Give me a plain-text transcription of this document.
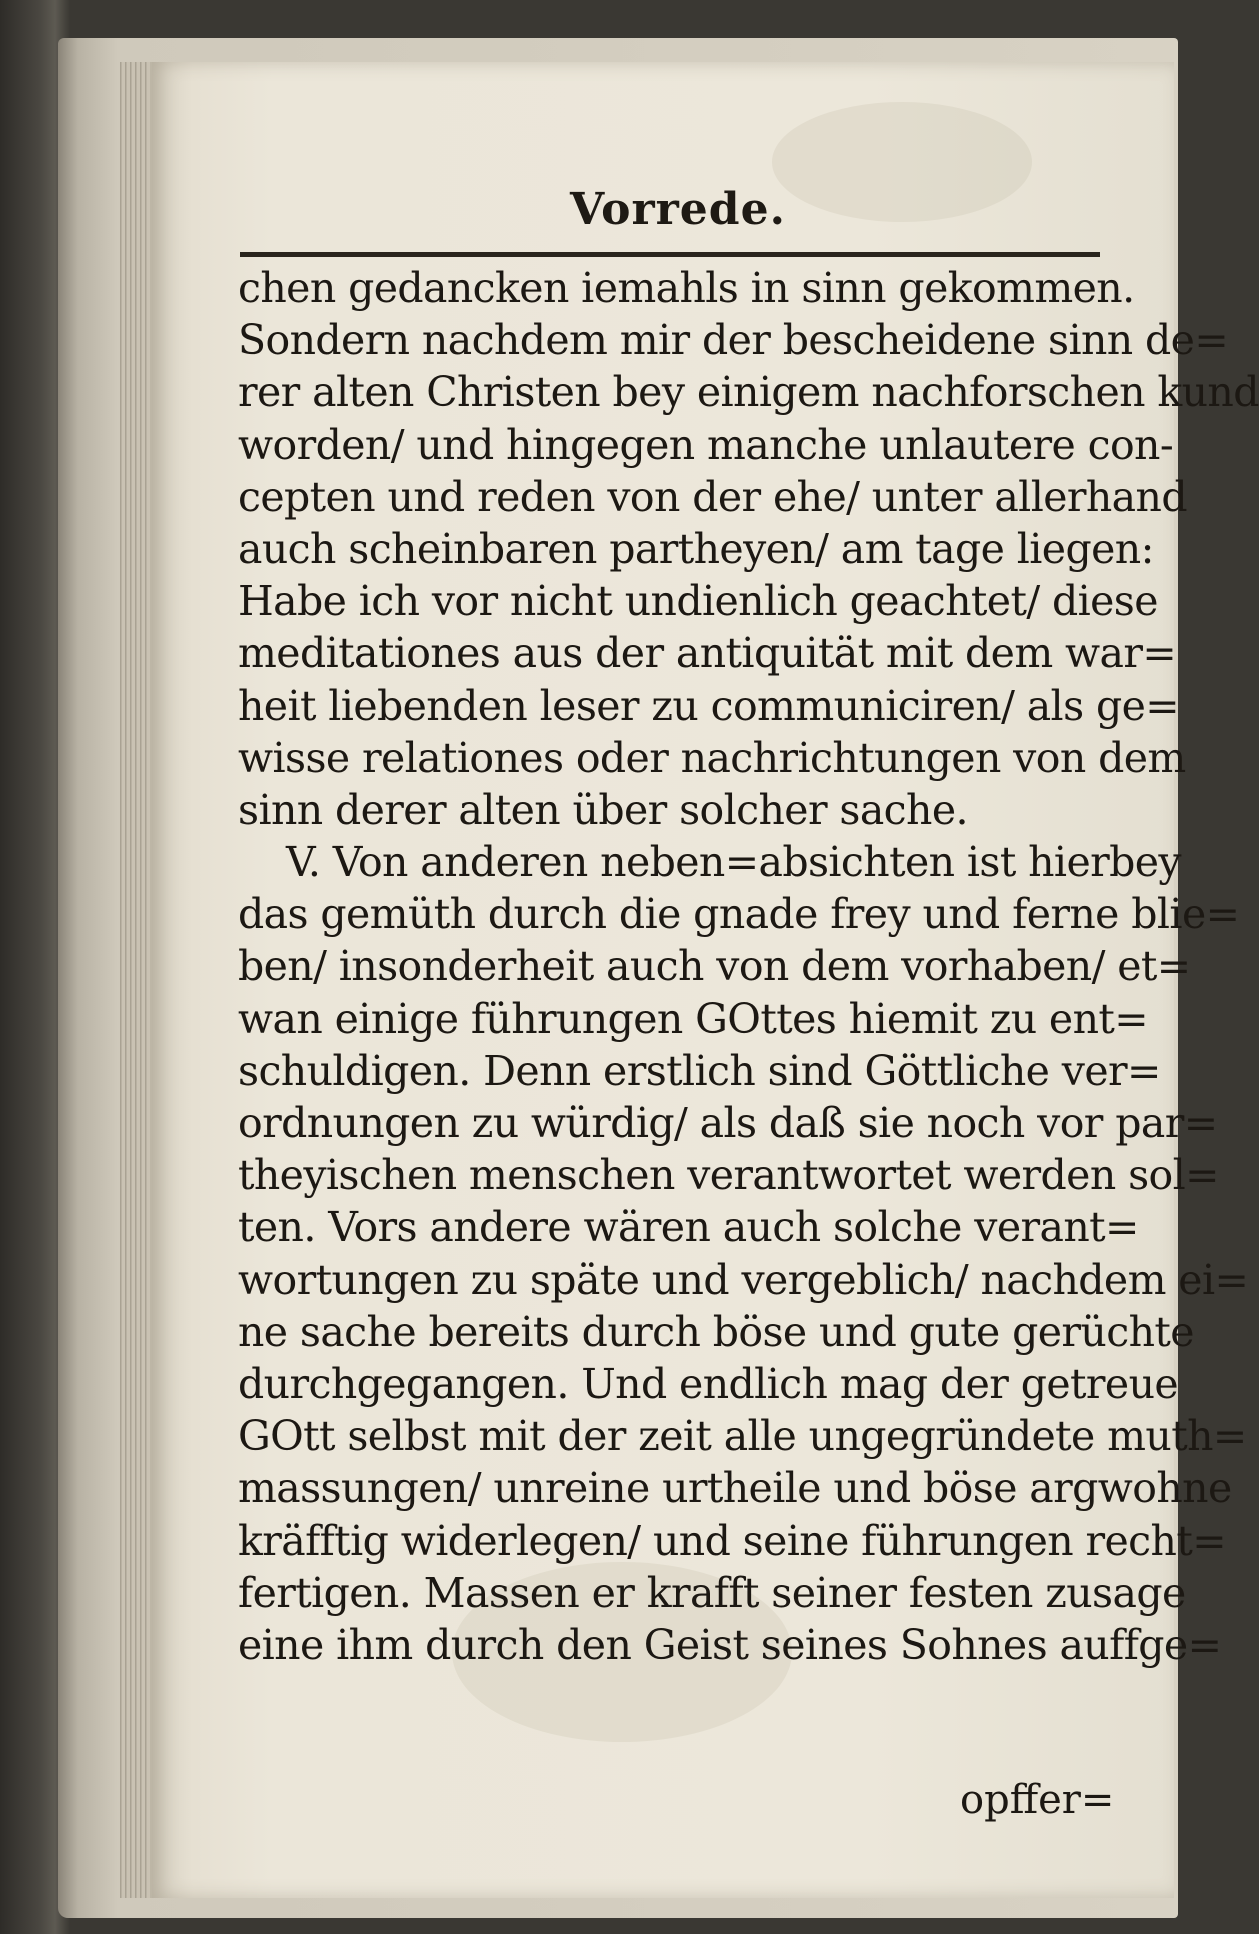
Vorrede.
chen gedancken iemahls in sinn gekommen.
Sondern nachdem mir der bescheidene sinn de=
rer alten Christen bey einigem nachforschen kund
worden/ und hingegen manche unlautere con-
cepten und reden von der ehe/ unter allerhand
auch scheinbaren partheyen/ am tage liegen:
Habe ich vor nicht undienlich geachtet/ diese
meditationes aus der antiquität mit dem war=
heit liebenden leser zu communiciren/ als ge=
wisse relationes oder nachrichtungen von dem
sinn derer alten über solcher sache.
V. Von anderen neben=absichten ist hierbey
das gemüth durch die gnade frey und ferne blie=
ben/ insonderheit auch von dem vorhaben/ et=
wan einige führungen GOttes hiemit zu ent=
schuldigen. Denn erstlich sind Göttliche ver=
ordnungen zu würdig/ als daß sie noch vor par=
theyischen menschen verantwortet werden sol=
ten. Vors andere wären auch solche verant=
wortungen zu späte und vergeblich/ nachdem ei=
ne sache bereits durch böse und gute gerüchte
durchgegangen. Und endlich mag der getreue
GOtt selbst mit der zeit alle ungegründete muth=
massungen/ unreine urtheile und böse argwohne
kräfftig widerlegen/ und seine führungen recht=
fertigen. Massen er krafft seiner festen zusage
eine ihm durch den Geist seines Sohnes auffge=
opffer=
